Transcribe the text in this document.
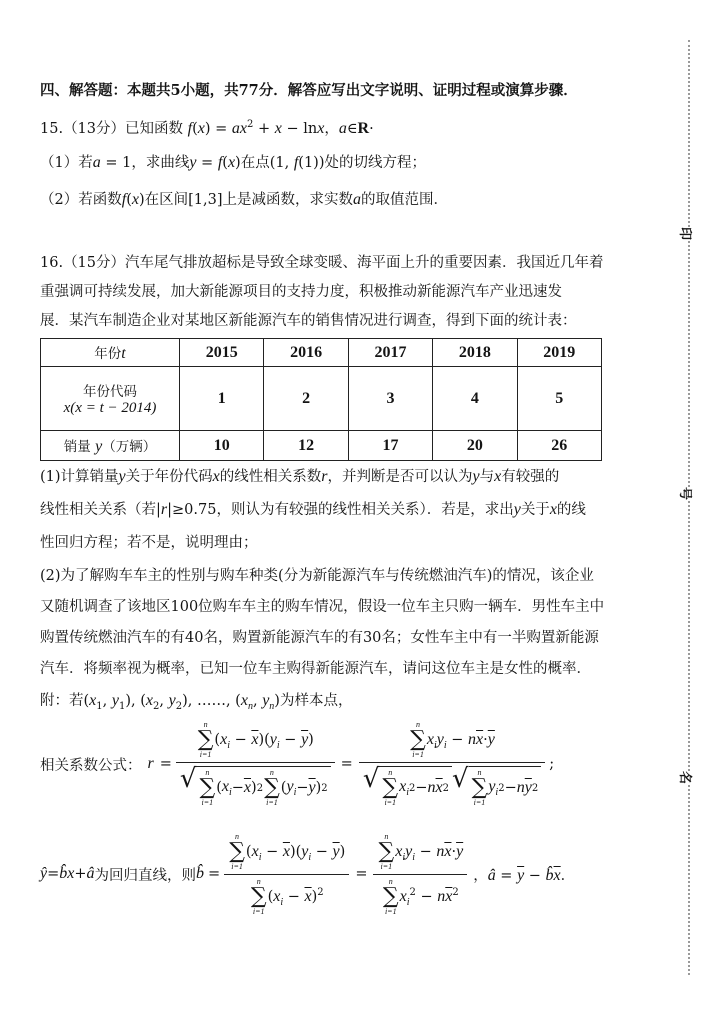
印
号
名
四、解答题：本题共5小题，共77分．解答应写出文字说明、证明过程或演算步骤．
15.（13分）已知函数 $f(x) = ax^2 + x - \ln x$，a∈R·
（1）若a = 1，求曲线y = f(x)在点(1, f(1))处的切线方程；
（2）若函数f(x)在区间[1,3]上是减函数，求实数a的取值范围．
16.（15分）汽车尾气排放超标是导致全球变暖、海平面上升的重要因素．我国近几年着
重强调可持续发展，加大新能源项目的支持力度，积极推动新能源汽车产业迅速发
展．某汽车制造企业对某地区新能源汽车的销售情况进行调查，得到下面的统计表：
年份t	2015	2016	2017	2018	2019
年份代码
x(x = t − 2014)	1	2	3	4	5
销量 y（万辆）	10	12	17	20	26
(1)计算销量y关于年份代码x的线性相关系数r，并判断是否可以认为y与x有较强的
线性相关关系（若|r|≥0.75，则认为有较强的线性相关关系）．若是，求出y关于x的线
性回归方程；若不是，说明理由；
(2)为了解购车车主的性别与购车种类(分为新能源汽车与传统燃油汽车)的情况，该企业
又随机调查了该地区100位购车车主的购车情况，假设一位车主只购一辆车．男性车主中
购置传统燃油汽车的有40名，购置新能源汽车的有30名；女性车主中有一半购置新能源
汽车．将频率视为概率，已知一位车主购得新能源汽车，请问这位车主是女性的概率．
附：若($x_1$, $y_1$), ($x_2$, $y_2$), ……, ($x_n$, $y_n$)为样本点，
相关系数公式： r = n
∑
i=1
$(x_i - \overline{x})(y_i - \overline{y})$
√ n
∑
i=1
( $x_i - \overline{x}$ ) 2
n
∑
i=1
( $y_i - \overline{y}$ ) 2 = n
∑
i=1
$x_iy_i - n\overline{x}\cdot\overline{y}$
√ n
∑
i=1
$x_i$ 2 − n $\overline{x}$ 2 √ n
∑
i=1
$y_i$ 2 − n $\overline{y}$ 2 ;
ŷ = b̂x + â 为回归直线，则 b̂ = n
∑
i=1
$(x_i - \overline{x})(y_i - \overline{y})$
n
∑
i=1
$(x_i - \overline{x})^2 = n$
∑
i=1
$x_iy_i - n\overline{x}\cdot\overline{y}$
n
∑
i=1
$x_i^2 - n\overline{x}^2$ ，â = $\overline{y}$ − $b̂\overline{x}$．
